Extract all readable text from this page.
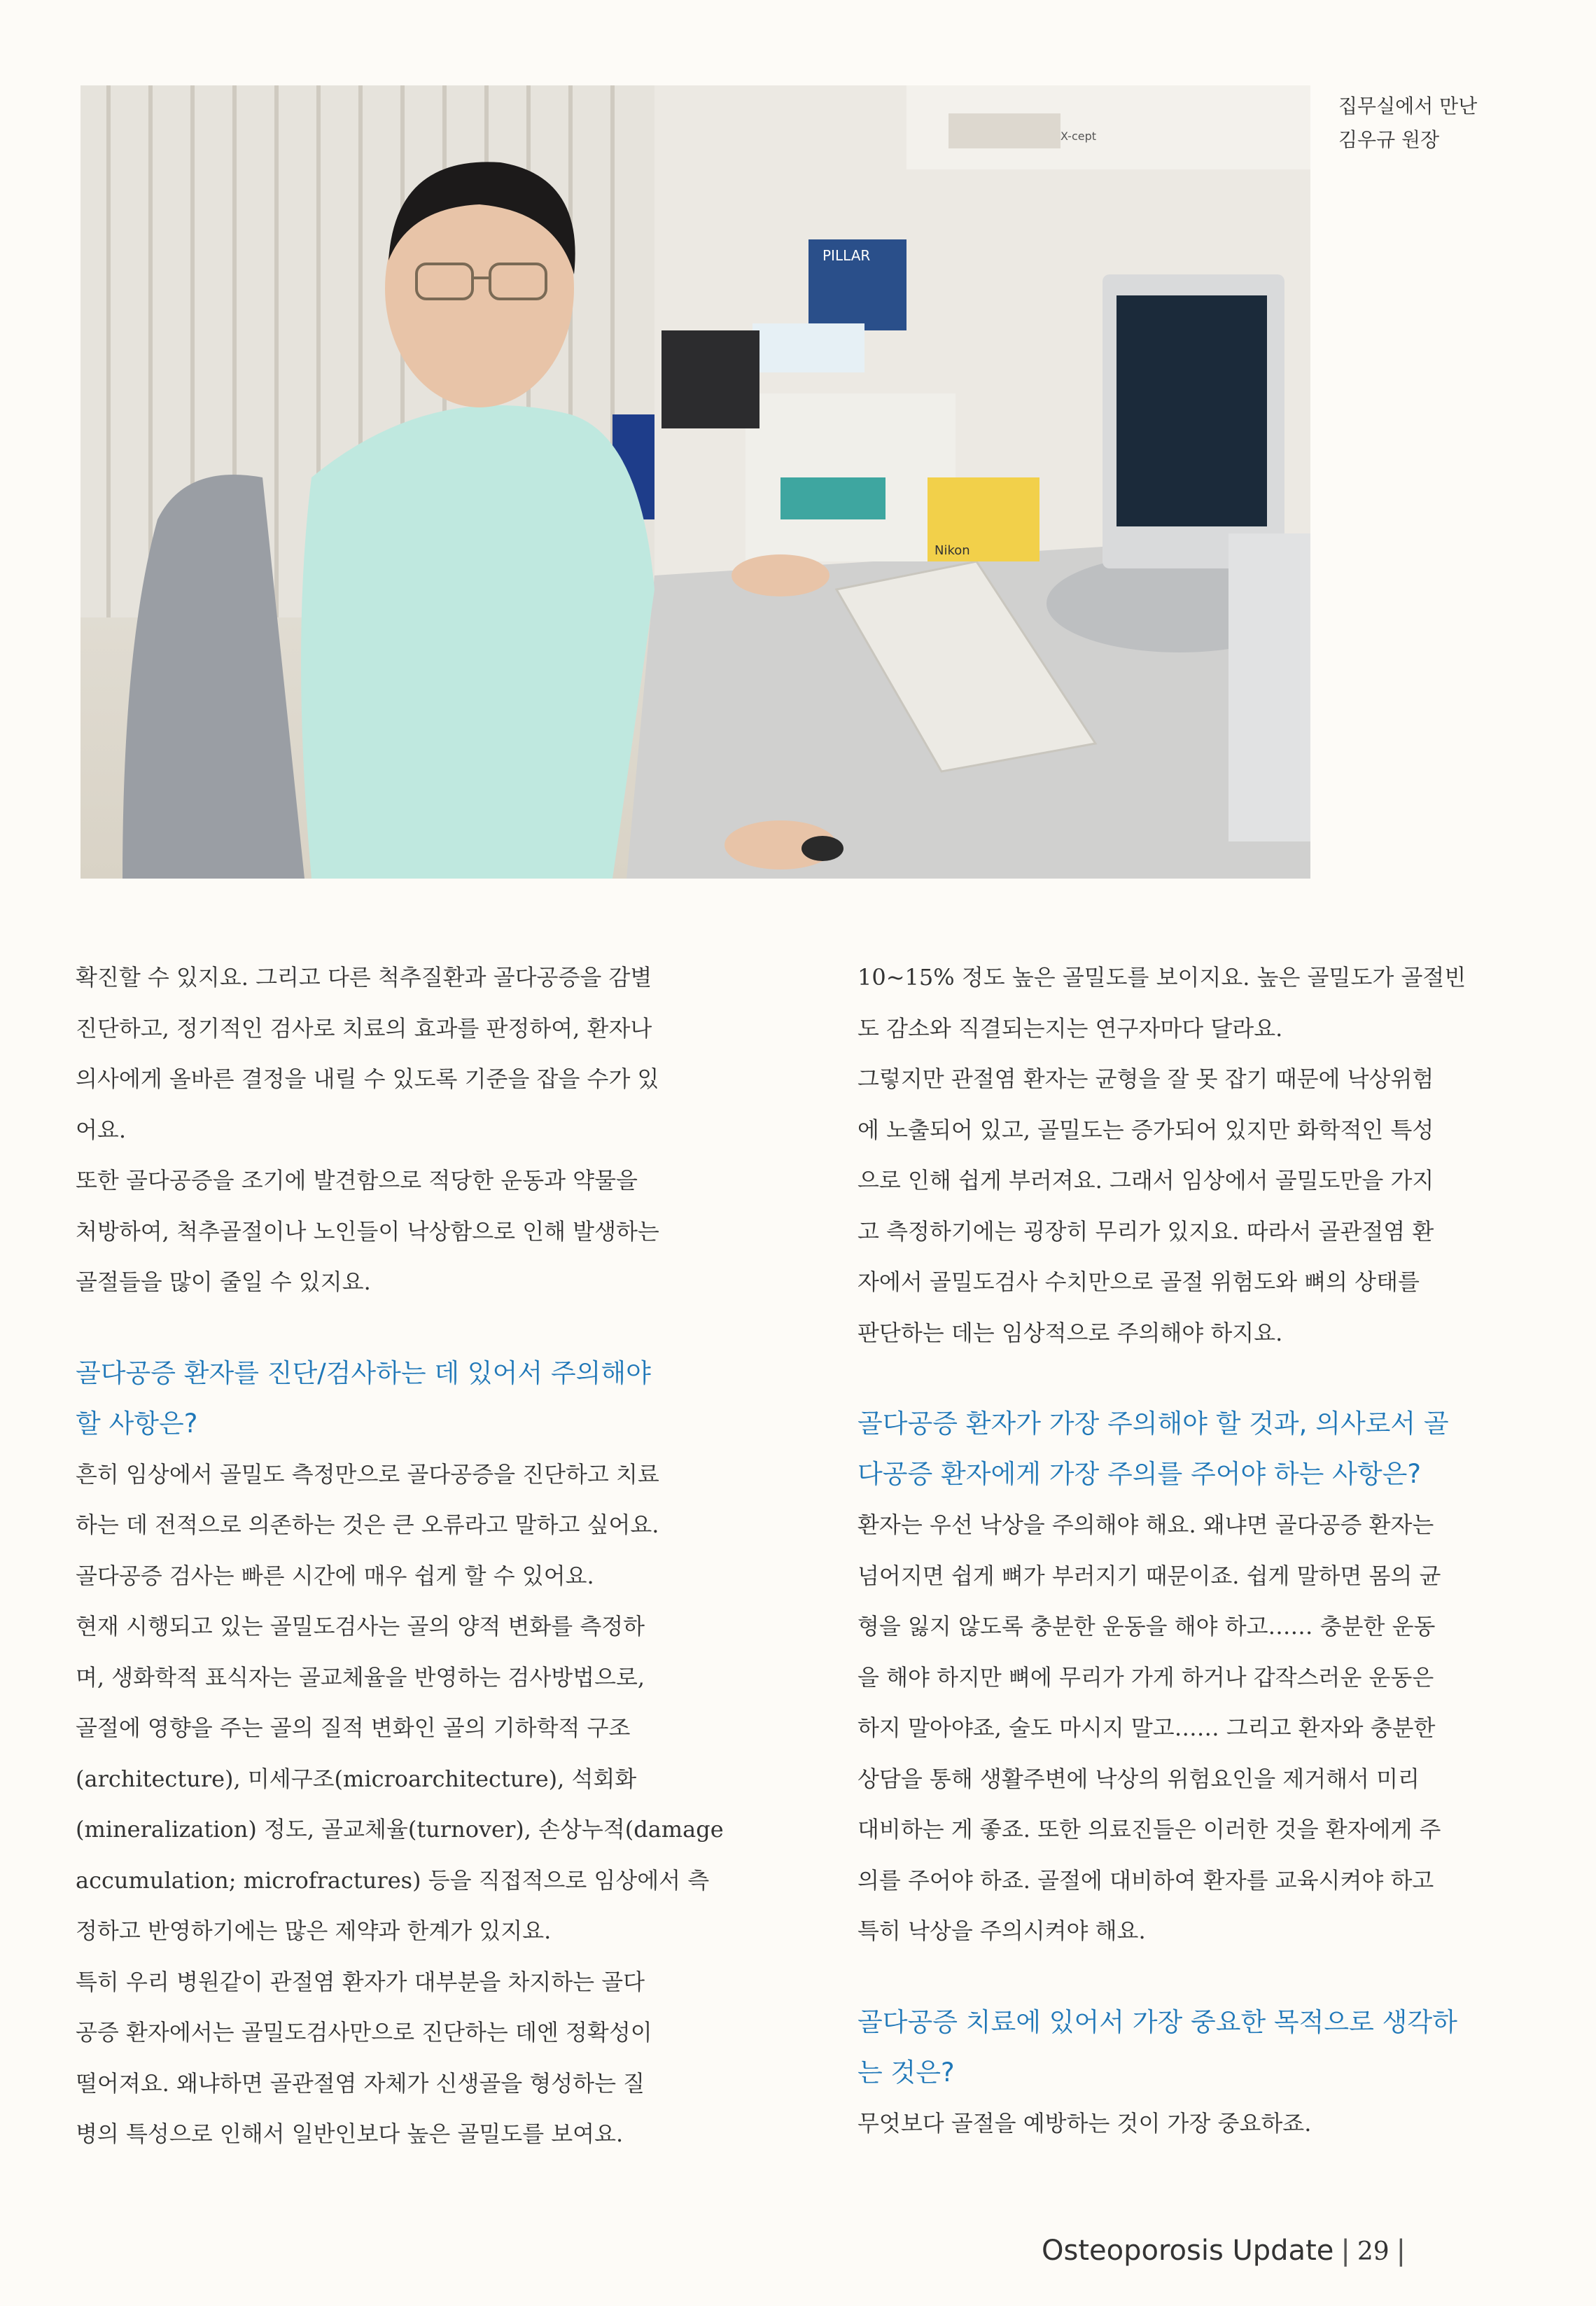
X-cept
PILLAR
Nikon
집무실에서 만난
김우규 원장

확진할 수 있지요. 그리고 다른 척추질환과 골다공증을 감별
진단하고, 정기적인 검사로 치료의 효과를 판정하여, 환자나
의사에게 올바른 결정을 내릴 수 있도록 기준을 잡을 수가 있
어요.

또한 골다공증을 조기에 발견함으로 적당한 운동과 약물을
처방하여, 척추골절이나 노인들이 낙상함으로 인해 발생하는
골절들을 많이 줄일 수 있지요.

골다공증 환자를 진단/검사하는 데 있어서 주의해야
할 사항은?

흔히 임상에서 골밀도 측정만으로 골다공증을 진단하고 치료
하는 데 전적으로 의존하는 것은 큰 오류라고 말하고 싶어요.
골다공증 검사는 빠른 시간에 매우 쉽게 할 수 있어요.
현재 시행되고 있는 골밀도검사는 골의 양적 변화를 측정하
며, 생화학적 표식자는 골교체율을 반영하는 검사방법으로,
골절에 영향을 주는 골의 질적 변화인 골의 기하학적 구조
(architecture), 미세구조(microarchitecture), 석회화
(mineralization) 정도, 골교체율(turnover), 손상누적(damage
accumulation; microfractures) 등을 직접적으로 임상에서 측
정하고 반영하기에는 많은 제약과 한계가 있지요.
특히 우리 병원같이 관절염 환자가 대부분을 차지하는 골다
공증 환자에서는 골밀도검사만으로 진단하는 데엔 정확성이
떨어져요. 왜냐하면 골관절염 자체가 신생골을 형성하는 질
병의 특성으로 인해서 일반인보다 높은 골밀도를 보여요.

10~15% 정도 높은 골밀도를 보이지요. 높은 골밀도가 골절빈
도 감소와 직결되는지는 연구자마다 달라요.
그렇지만 관절염 환자는 균형을 잘 못 잡기 때문에 낙상위험
에 노출되어 있고, 골밀도는 증가되어 있지만 화학적인 특성
으로 인해 쉽게 부러져요. 그래서 임상에서 골밀도만을 가지
고 측정하기에는 굉장히 무리가 있지요. 따라서 골관절염 환
자에서 골밀도검사 수치만으로 골절 위험도와 뼈의 상태를
판단하는 데는 임상적으로 주의해야 하지요.

골다공증 환자가 가장 주의해야 할 것과, 의사로서 골
다공증 환자에게 가장 주의를 주어야 하는 사항은?

환자는 우선 낙상을 주의해야 해요. 왜냐면 골다공증 환자는
넘어지면 쉽게 뼈가 부러지기 때문이죠. 쉽게 말하면 몸의 균
형을 잃지 않도록 충분한 운동을 해야 하고…… 충분한 운동
을 해야 하지만 뼈에 무리가 가게 하거나 갑작스러운 운동은
하지 말아야죠, 술도 마시지 말고…… 그리고 환자와 충분한
상담을 통해 생활주변에 낙상의 위험요인을 제거해서 미리
대비하는 게 좋죠. 또한 의료진들은 이러한 것을 환자에게 주
의를 주어야 하죠. 골절에 대비하여 환자를 교육시켜야 하고
특히 낙상을 주의시켜야 해요.

골다공증 치료에 있어서 가장 중요한 목적으로 생각하
는 것은?

무엇보다 골절을 예방하는 것이 가장 중요하죠.

Osteoporosis Update | 29 |
